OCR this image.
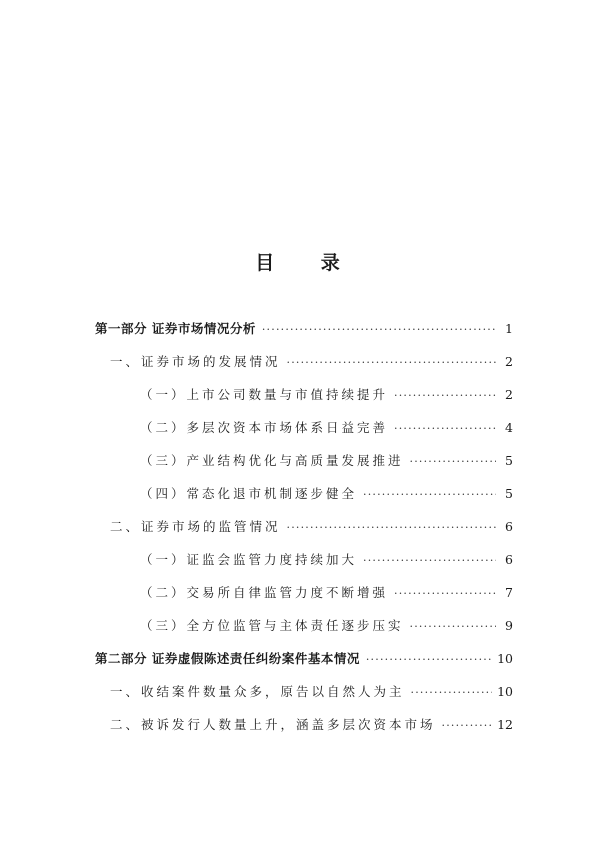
目 录
第一部分 证券市场情况分析 ·····	1
一、证券市场的发展情况 ·····	2
（一）上市公司数量与市值持续提升 ·····	2
（二）多层次资本市场体系日益完善 ·····	4
（三）产业结构优化与高质量发展推进 ·····	5
（四）常态化退市机制逐步健全 ·····	5
二、证券市场的监管情况 ·····	6
（一）证监会监管力度持续加大 ·····	6
（二）交易所自律监管力度不断增强 ·····	7
（三）全方位监管与主体责任逐步压实 ·····	9
第二部分 证券虚假陈述责任纠纷案件基本情况 ·····	10
一、收结案件数量众多，原告以自然人为主 ·····	10
二、被诉发行人数量上升，涵盖多层次资本市场 ·····	12
